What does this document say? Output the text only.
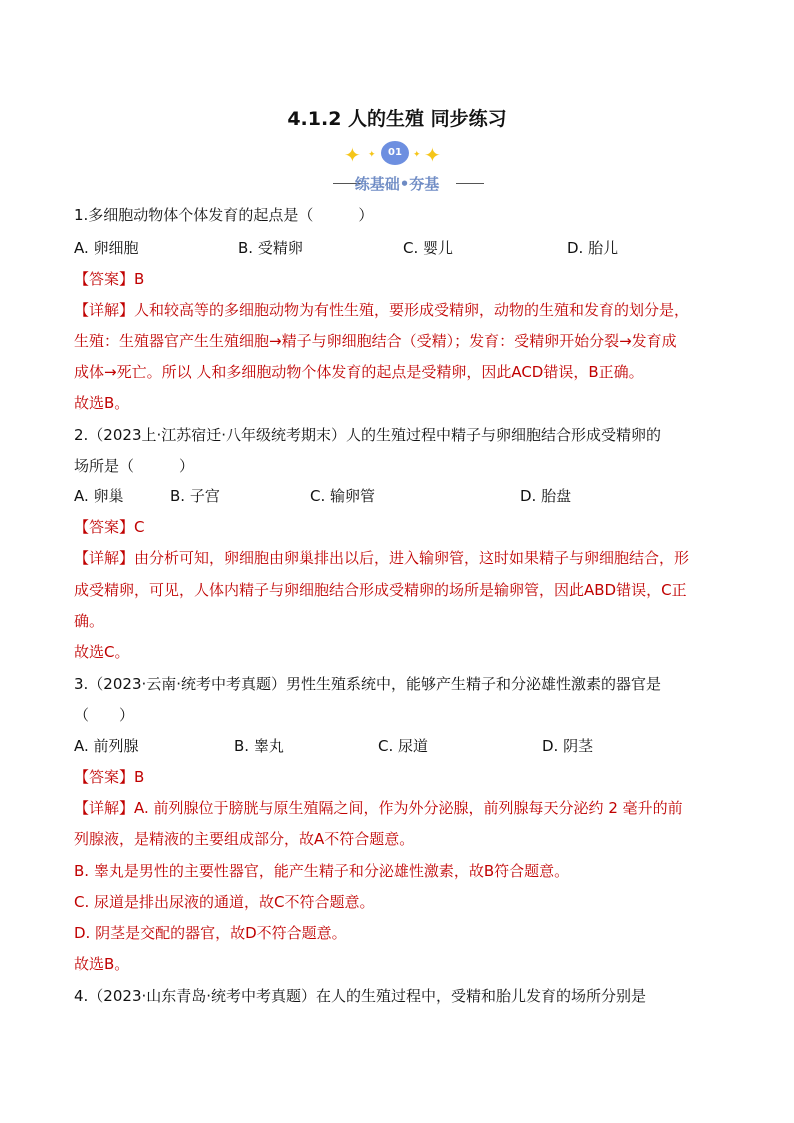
4.1.2 人的生殖 同步练习
✦ ✦	01	✦ ✦
练基础•夯基
1.多细胞动物体个体发育的起点是（　　　）
A. 卵细胞	B. 受精卵	C. 婴儿	D. 胎儿
【答案】B
【详解】人和较高等的多细胞动物为有性生殖，要形成受精卵，动物的生殖和发育的划分是，
生殖：生殖器官产生生殖细胞→精子与卵细胞结合（受精）；发育：受精卵开始分裂→发育成
成体→死亡。所以 人和多细胞动物个体发育的起点是受精卵，因此ACD错误，B正确。
故选B。
2.（2023上·江苏宿迁·八年级统考期末）人的生殖过程中精子与卵细胞结合形成受精卵的
场所是（　　　）
A. 卵巢	B. 子宫	C. 输卵管	D. 胎盘
【答案】C
【详解】由分析可知，卵细胞由卵巢排出以后，进入输卵管，这时如果精子与卵细胞结合，形
成受精卵，可见，人体内精子与卵细胞结合形成受精卵的场所是输卵管，因此ABD错误，C正
确。
故选C。
3.（2023·云南·统考中考真题）男性生殖系统中，能够产生精子和分泌雄性激素的器官是
（　　）
A. 前列腺	B. 睾丸	C. 尿道	D. 阴茎
【答案】B
【详解】A. 前列腺位于膀胱与原生殖隔之间，作为外分泌腺，前列腺每天分泌约 2 毫升的前
列腺液，是精液的主要组成部分，故A不符合题意。
B. 睾丸是男性的主要性器官，能产生精子和分泌雄性激素，故B符合题意。
C. 尿道是排出尿液的通道，故C不符合题意。
D. 阴茎是交配的器官，故D不符合题意。
故选B。
4.（2023·山东青岛·统考中考真题）在人的生殖过程中，受精和胎儿发育的场所分别是
